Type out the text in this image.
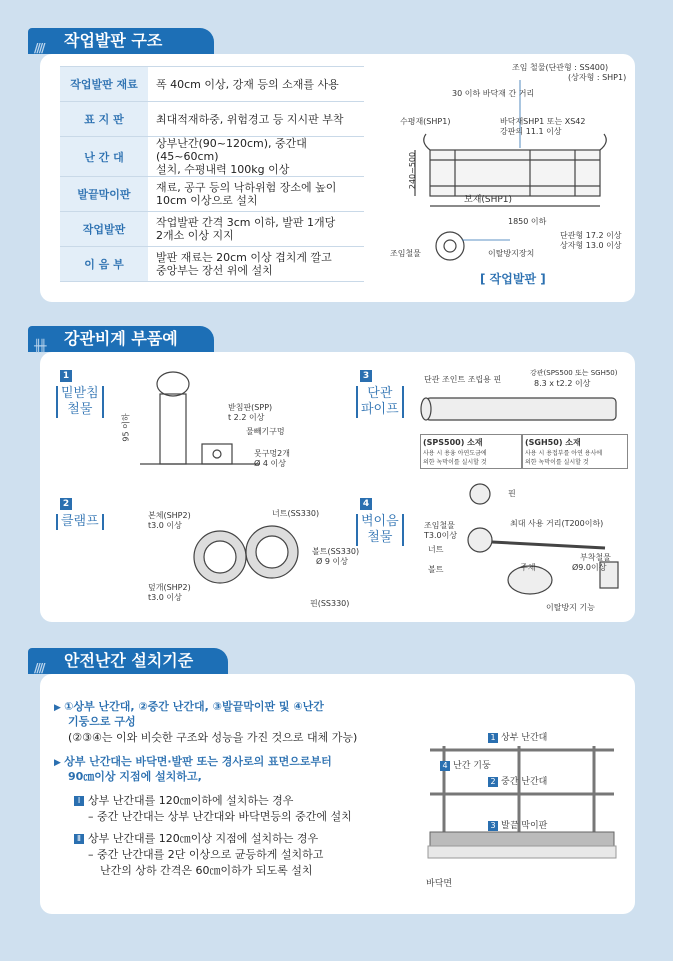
//// 작업발판 구조
작업발판 재료	폭 40cm 이상, 강재 등의 소재를 사용
표 지 판	최대적재하중, 위험경고 등 지시판 부착
난 간 대	상부난간(90~120cm), 중간대 (45~60cm)
설치, 수평내력 100kg 이상
발끝막이판	재료, 공구 등의 낙하위험 장소에 높이
10cm 이상으로 설치
작업발판	작업발판 간격 3cm 이하, 발판 1개당
2개소 이상 지지
이 음 부	발판 재료는 20cm 이상 겹치게 깔고
중앙부는 장선 위에 설치
조임 철물(단관형 : SS400)
(상자형 : SHP1)
30 이하 바닥재 간 거리
수평재(SHP1)	바닥재SHP1 또는 XS42
강판의 11.1 이상
240~500
보재(SHP1)
1850 이하
단관형 17.2 이상
상자형 13.0 이상
조임철물	이탈방지장치
[ 작업발판 ]
╫╫ 강관비계 부품예
1
밑받침
철물	받침판(SPP)
t 2.2 이상
물빼기구멍
못구멍2개
Ø 4 이상
95 이하
2
클램프	본체(SHP2)
t3.0 이상
너트(SS330)
볼트(SS330)
Ø 9 이상
덮개(SHP2)
t3.0 이상
핀(SS330)
3
단관
파이프
단관 조인트 조립용 핀
강관(SPS500 또는 SGH50)
8.3 x t2.2 이상
(SPS500) 소재
사용 시 용융 아연도금에
의한 녹막이를 실시할 것
(SGH50) 소재
사용 시 용접부를 아연 용사에
의한 녹막이를 실시할 것
4
벽이음
철물
핀
조임철물
T3.0이상
너트
볼트
최대 사용 거리(T200이하)
주체
부착철물
Ø9.0이상
이탈방지 기능
//// 안전난간 설치기준
▶ ①상부 난간대, ②중간 난간대, ③발끝막이판 및 ④난간
기둥으로 구성
(②③④는 이와 비슷한 구조와 성능을 가진 것으로 대체 가능)
▶ 상부 난간대는 바닥면·발판 또는 경사로의 표면으로부터
90㎝이상 지점에 설치하고,
Ⅰ 상부 난간대를 120㎝이하에 설치하는 경우
– 중간 난간대는 상부 난간대와 바닥면등의 중간에 설치
Ⅱ 상부 난간대를 120㎝이상 지점에 설치하는 경우
– 중간 난간대를 2단 이상으로 균등하게 설치하고
난간의 상하 간격은 60㎝이하가 되도록 설치
1 상부 난간대
4 난간 기둥
2 중간 난간대
3 발끝 막이판
바닥면
